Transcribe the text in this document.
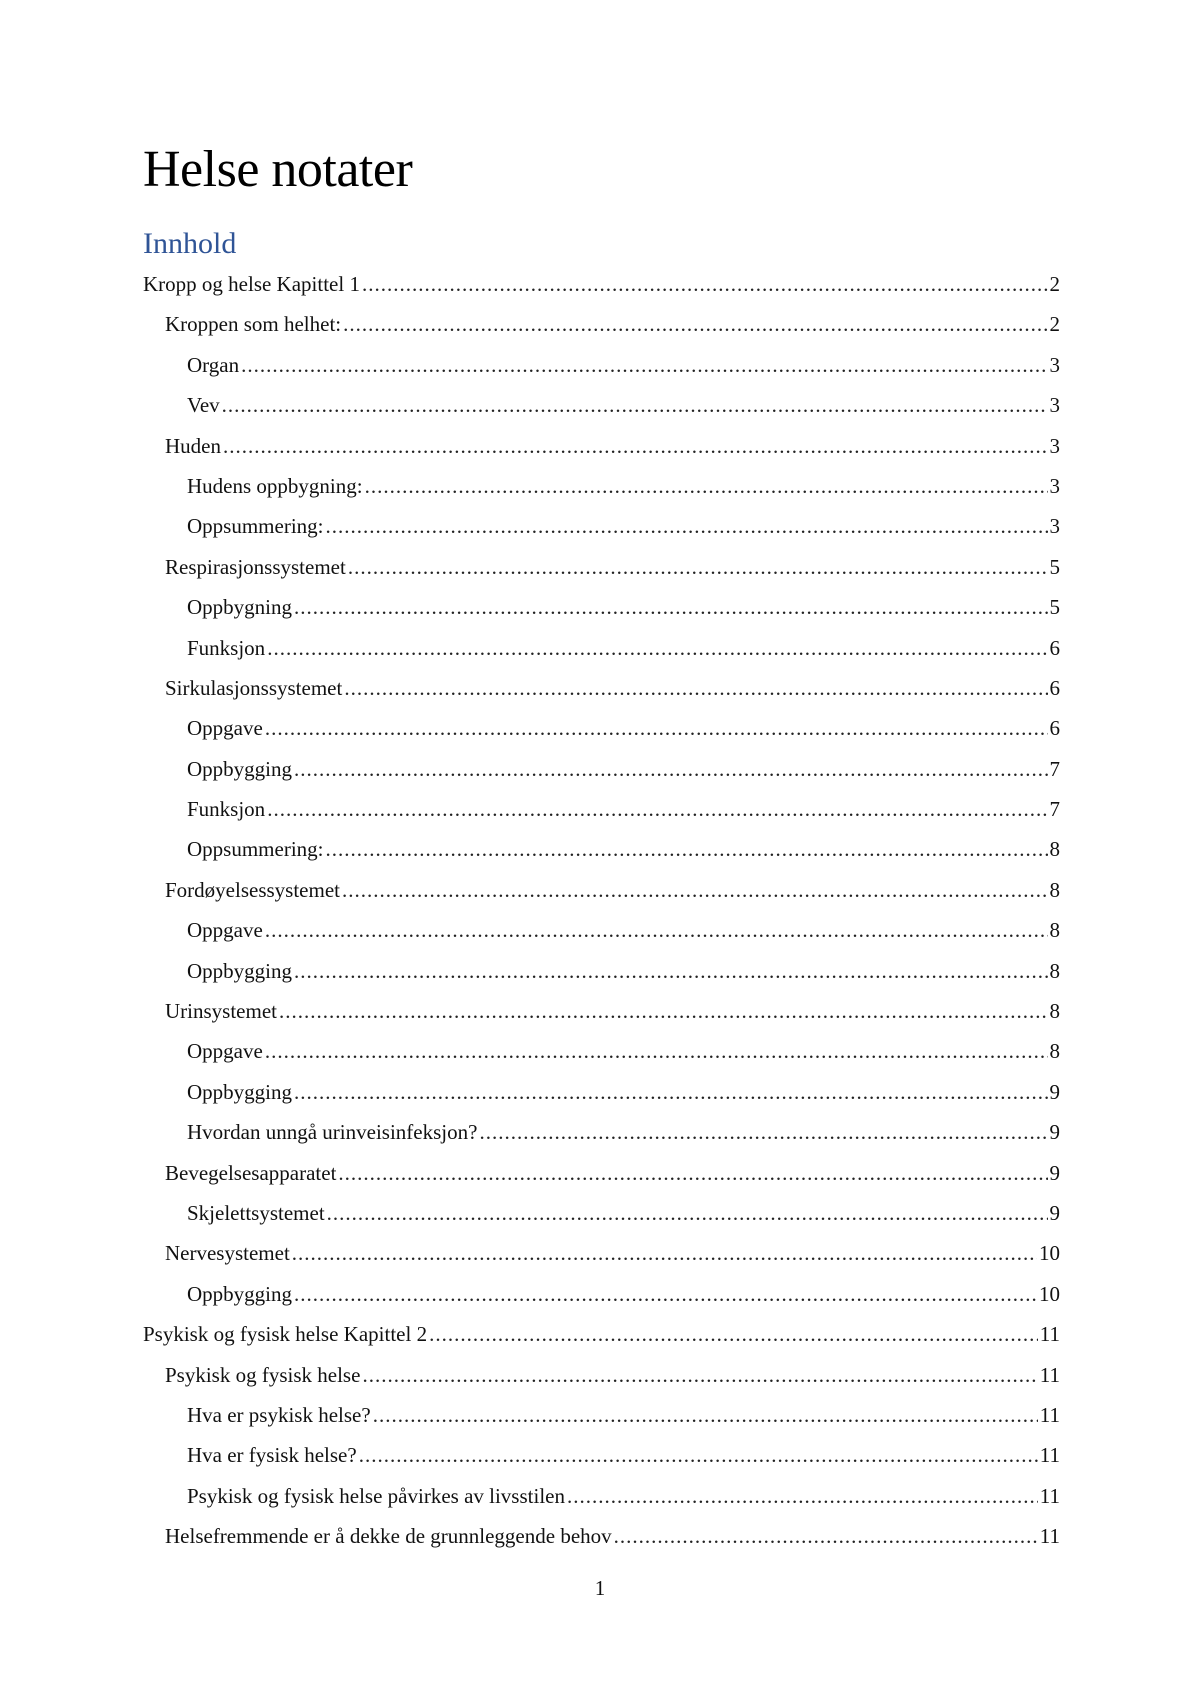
Helse notater
Innhold
Kropp og helse Kapittel 1 .....	2
Kroppen som helhet: .....	2
Organ .....	3
Vev .....	3
Huden .....	3
Hudens oppbygning: .....	3
Oppsummering: .....	3
Respirasjonssystemet .....	5
Oppbygning .....	5
Funksjon .....	6
Sirkulasjonssystemet .....	6
Oppgave .....	6
Oppbygging .....	7
Funksjon .....	7
Oppsummering: .....	8
Fordøyelsessystemet .....	8
Oppgave .....	8
Oppbygging .....	8
Urinsystemet .....	8
Oppgave .....	8
Oppbygging .....	9
Hvordan unngå urinveisinfeksjon? .....	9
Bevegelsesapparatet .....	9
Skjelettsystemet .....	9
Nervesystemet .....	10
Oppbygging .....	10
Psykisk og fysisk helse Kapittel 2 .....	11
Psykisk og fysisk helse .....	11
Hva er psykisk helse? .....	11
Hva er fysisk helse? .....	11
Psykisk og fysisk helse påvirkes av livsstilen .....	11
Helsefremmende er å dekke de grunnleggende behov .....	11
1
